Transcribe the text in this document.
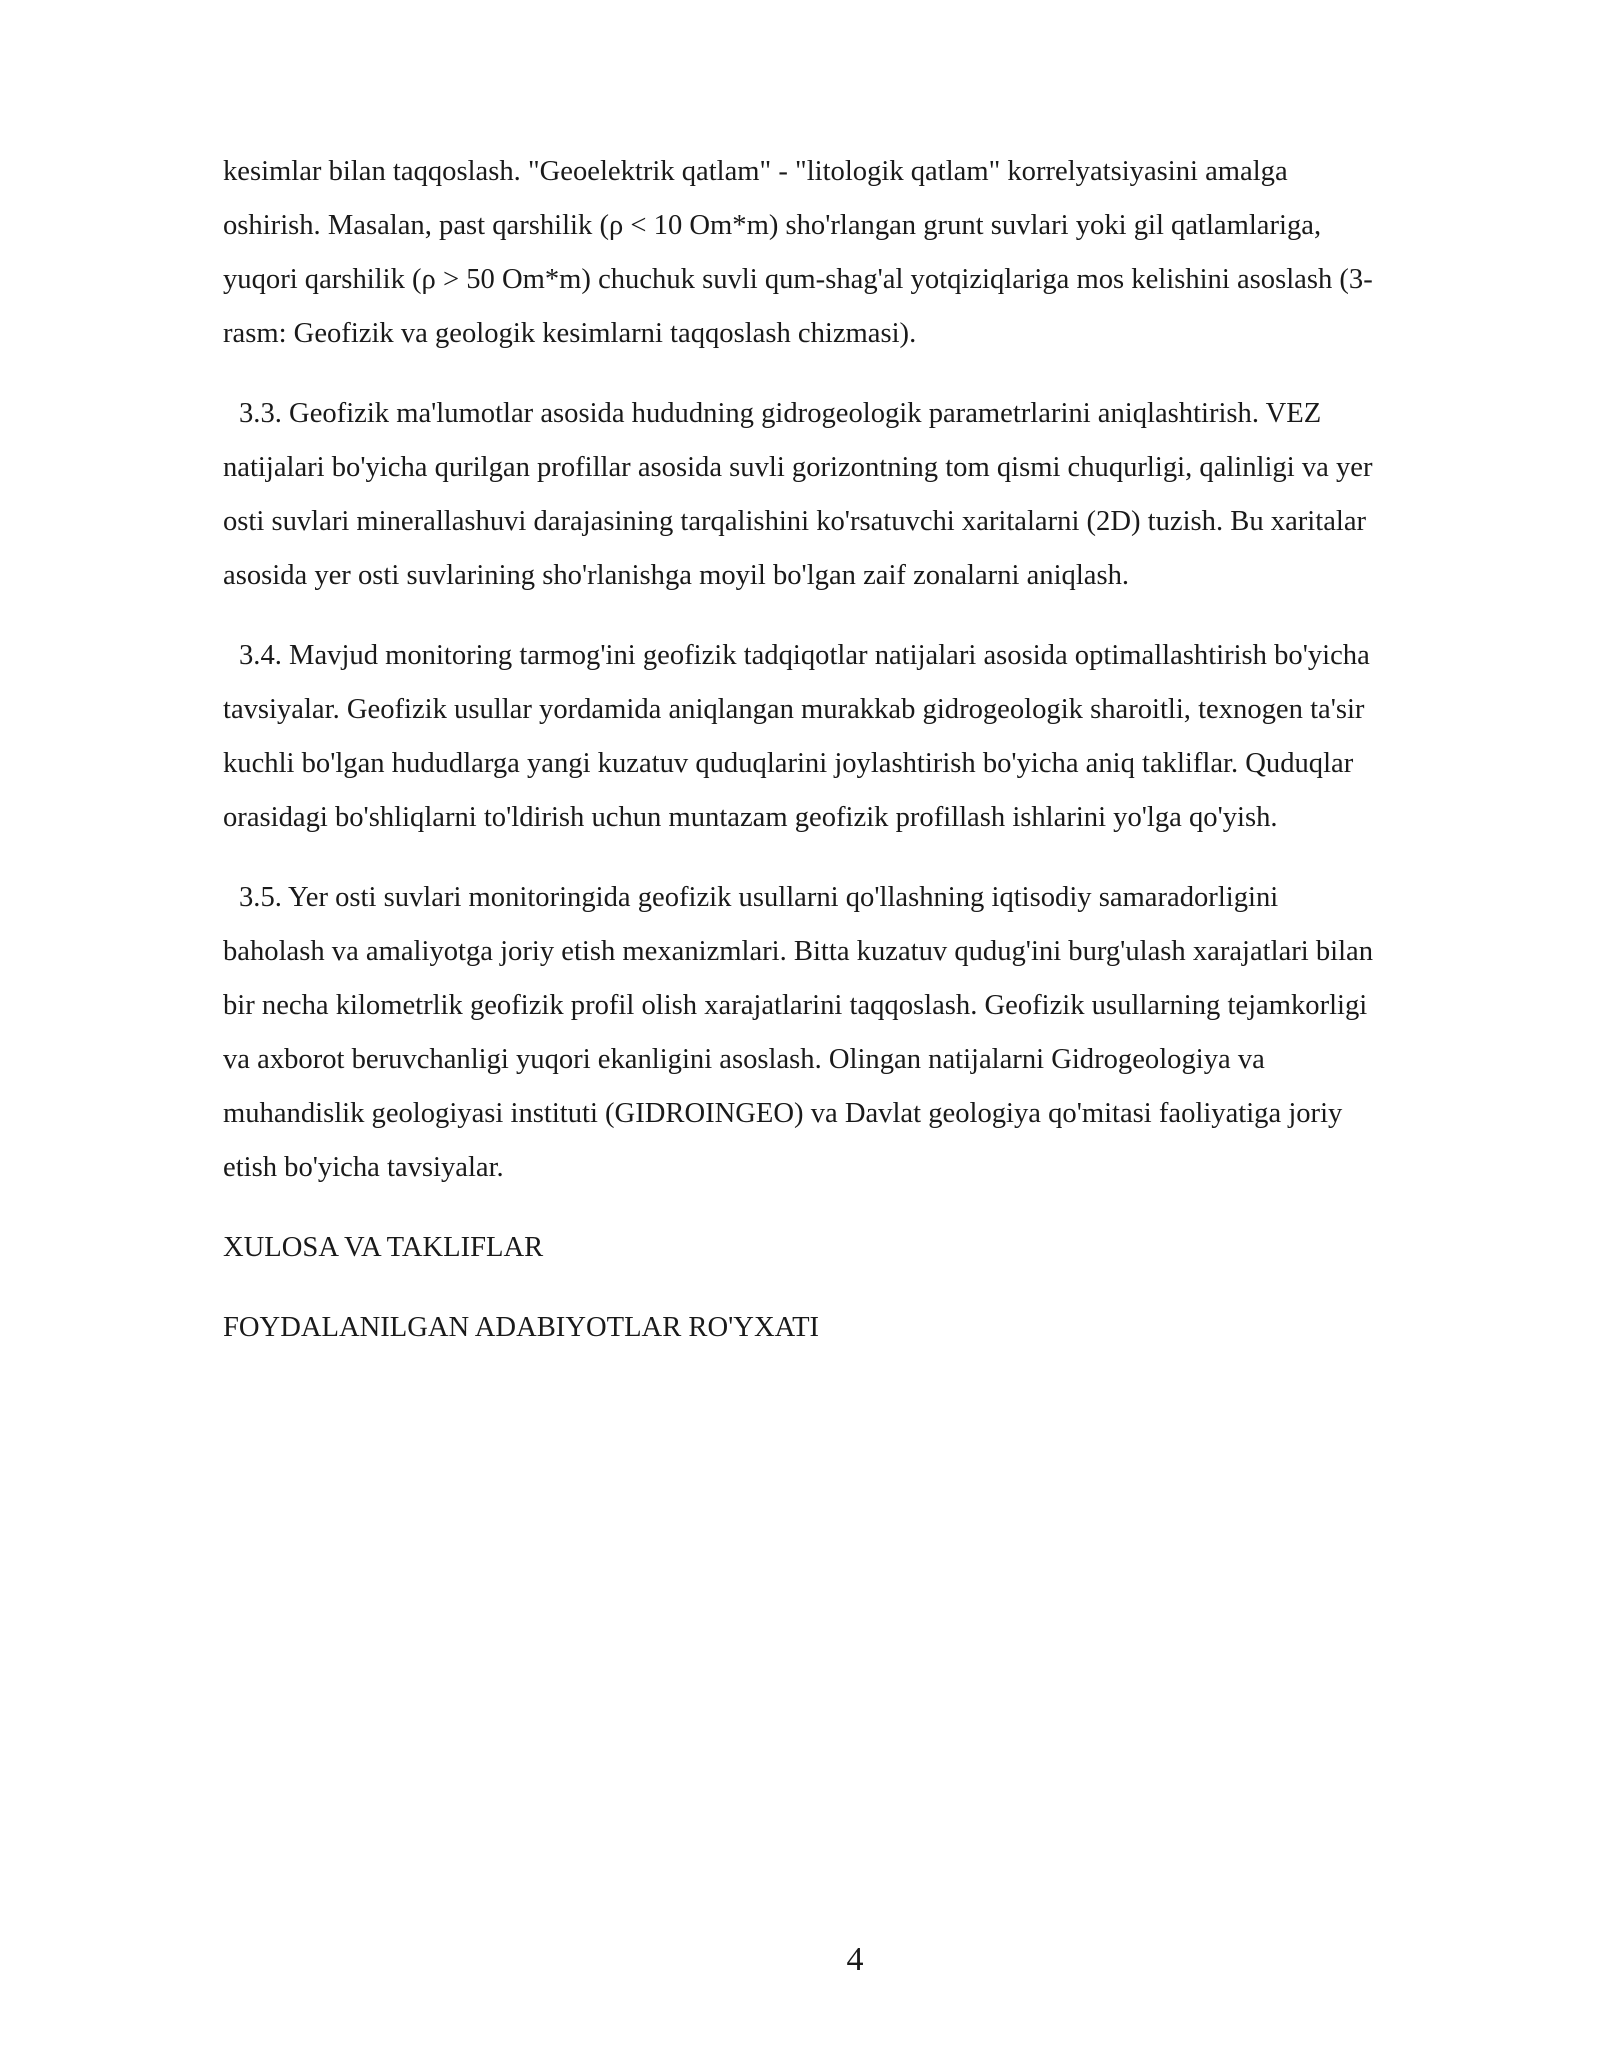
kesimlar bilan taqqoslash. "Geoelektrik qatlam" - "litologik qatlam" korrelyatsiyasini amalga
oshirish. Masalan, past qarshilik (ρ < 10 Om*m) sho'rlangan grunt suvlari yoki gil qatlamlariga,
yuqori qarshilik (ρ > 50 Om*m) chuchuk suvli qum-shag'al yotqiziqlariga mos kelishini asoslash (3-
rasm: Geofizik va geologik kesimlarni taqqoslash chizmasi).

3.3. Geofizik ma'lumotlar asosida hududning gidrogeologik parametrlarini aniqlashtirish. VEZ
natijalari bo'yicha qurilgan profillar asosida suvli gorizontning tom qismi chuqurligi, qalinligi va yer
osti suvlari minerallashuvi darajasining tarqalishini ko'rsatuvchi xaritalarni (2D) tuzish. Bu xaritalar
asosida yer osti suvlarining sho'rlanishga moyil bo'lgan zaif zonalarni aniqlash.

3.4. Mavjud monitoring tarmog'ini geofizik tadqiqotlar natijalari asosida optimallashtirish bo'yicha
tavsiyalar. Geofizik usullar yordamida aniqlangan murakkab gidrogeologik sharoitli, texnogen ta'sir
kuchli bo'lgan hududlarga yangi kuzatuv quduqlarini joylashtirish bo'yicha aniq takliflar. Quduqlar
orasidagi bo'shliqlarni to'ldirish uchun muntazam geofizik profillash ishlarini yo'lga qo'yish.

3.5. Yer osti suvlari monitoringida geofizik usullarni qo'llashning iqtisodiy samaradorligini
baholash va amaliyotga joriy etish mexanizmlari. Bitta kuzatuv qudug'ini burg'ulash xarajatlari bilan
bir necha kilometrlik geofizik profil olish xarajatlarini taqqoslash. Geofizik usullarning tejamkorligi
va axborot beruvchanligi yuqori ekanligini asoslash. Olingan natijalarni Gidrogeologiya va
muhandislik geologiyasi instituti (GIDROINGEO) va Davlat geologiya qo'mitasi faoliyatiga joriy
etish bo'yicha tavsiyalar.

XULOSA VA TAKLIFLAR
FOYDALANILGAN ADABIYOTLAR RO'YXATI
4
